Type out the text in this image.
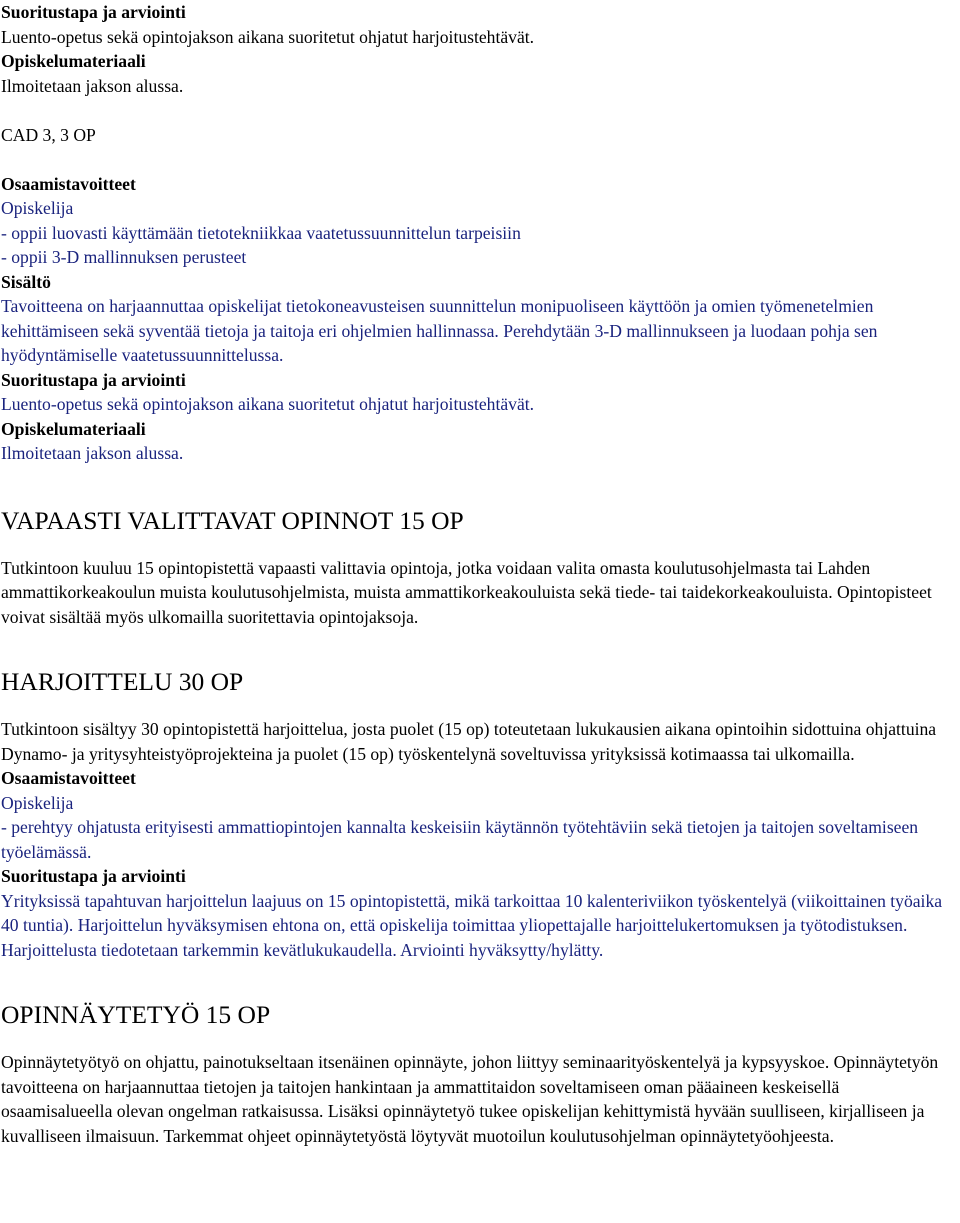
Suoritustapa ja arviointi

Luento-opetus sekä opintojakson aikana suoritetut ohjatut harjoitustehtävät.

Opiskelumateriaali

Ilmoitetaan jakson alussa.

CAD 3, 3 OP

Osaamistavoitteet

Opiskelija

- oppii luovasti käyttämään tietotekniikkaa vaatetussuunnittelun tarpeisiin

- oppii 3-D mallinnuksen perusteet

Sisältö

Tavoitteena on harjaannuttaa opiskelijat tietokoneavusteisen suunnittelun monipuoliseen käyttöön ja omien työmenetelmien kehittämiseen sekä syventää tietoja ja taitoja eri ohjelmien hallinnassa. Perehdytään 3-D mallinnukseen ja luodaan pohja sen hyödyntämiselle vaatetussuunnittelussa.

Suoritustapa ja arviointi

Luento-opetus sekä opintojakson aikana suoritetut ohjatut harjoitustehtävät.

Opiskelumateriaali

Ilmoitetaan jakson alussa.

VAPAASTI VALITTAVAT OPINNOT 15 OP

Tutkintoon kuuluu 15 opintopistettä vapaasti valittavia opintoja, jotka voidaan valita omasta koulutusohjelmasta tai Lahden ammattikorkeakoulun muista koulutusohjelmista, muista ammattikorkeakouluista sekä tiede- tai taidekorkeakouluista. Opintopisteet voivat sisältää myös ulkomailla suoritettavia opintojaksoja.

HARJOITTELU 30 OP

Tutkintoon sisältyy 30 opintopistettä harjoittelua, josta puolet (15 op) toteutetaan lukukausien aikana opintoihin sidottuina ohjattuina Dynamo- ja yritysyhteistyöprojekteina ja puolet (15 op) työskentelynä soveltuvissa yrityksissä kotimaassa tai ulkomailla.

Osaamistavoitteet

Opiskelija

- perehtyy ohjatusta erityisesti ammattiopintojen kannalta keskeisiin käytännön työtehtäviin sekä tietojen ja taitojen soveltamiseen työelämässä.

Suoritustapa ja arviointi

Yrityksissä tapahtuvan harjoittelun laajuus on 15 opintopistettä, mikä tarkoittaa 10 kalenteriviikon työskentelyä (viikoittainen työaika 40 tuntia). Harjoittelun hyväksymisen ehtona on, että opiskelija toimittaa yliopettajalle harjoittelukertomuksen ja työtodistuksen. Harjoittelusta tiedotetaan tarkemmin kevätlukukaudella. Arviointi hyväksytty/hylätty.

OPINNÄYTETYÖ 15 OP

Opinnäytetyötyö on ohjattu, painotukseltaan itsenäinen opinnäyte, johon liittyy seminaarityöskentelyä ja kypsyyskoe. Opinnäytetyön tavoitteena on harjaannuttaa tietojen ja taitojen hankintaan ja ammattitaidon soveltamiseen oman pääaineen keskeisellä osaamisalueella olevan ongelman ratkaisussa. Lisäksi opinnäytetyö tukee opiskelijan kehittymistä hyvään suulliseen, kirjalliseen ja kuvalliseen ilmaisuun. Tarkemmat ohjeet opinnäytetyöstä löytyvät muotoilun koulutusohjelman opinnäytetyöohjeesta.
